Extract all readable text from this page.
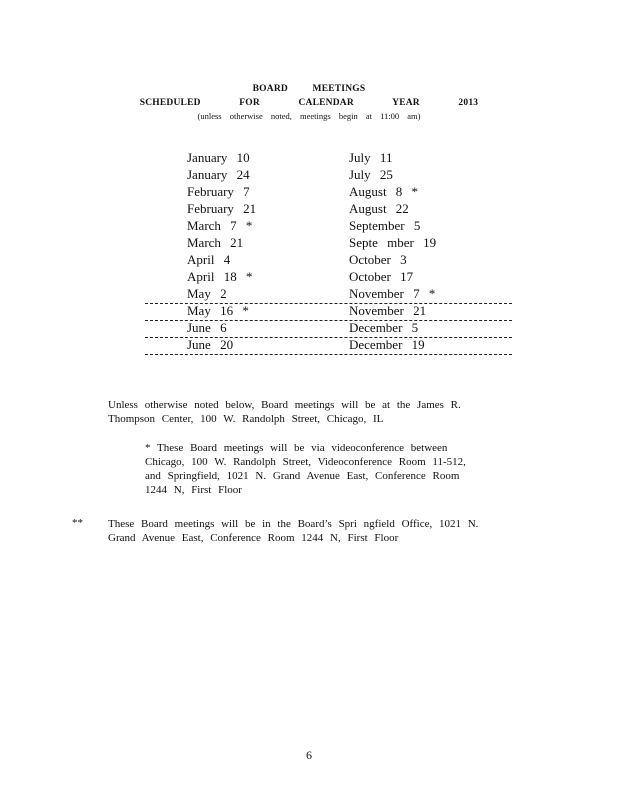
BOARD MEETINGS
SCHEDULED FOR CALENDAR YEAR 2013
(unless otherwise noted, meetings begin at 11:00 am)
January 10	July 11
January 24	July 25
February 7	August 8 *
February 21	August 22
March 7 *	September 5
March 21	Septe mber 19
April 4	October 3
April 18 *	October 17
May 2	November 7 *
May 16 *	November 21
June 6	December 5
June 20	December 19
Unless otherwise noted below, Board meetings will be at the James R. Thompson Center, 100 W. Randolph Street, Chicago, IL
* These Board meetings will be via videoconference between Chicago, 100 W. Randolph Street, Videoconference Room 11-512, and Springfield, 1021 N. Grand Avenue East, Conference Room 1244 N, First Floor
** These Board meetings will be in the Board’s Spri ngfield Office, 1021 N. Grand Avenue East, Conference Room 1244 N, First Floor
6
